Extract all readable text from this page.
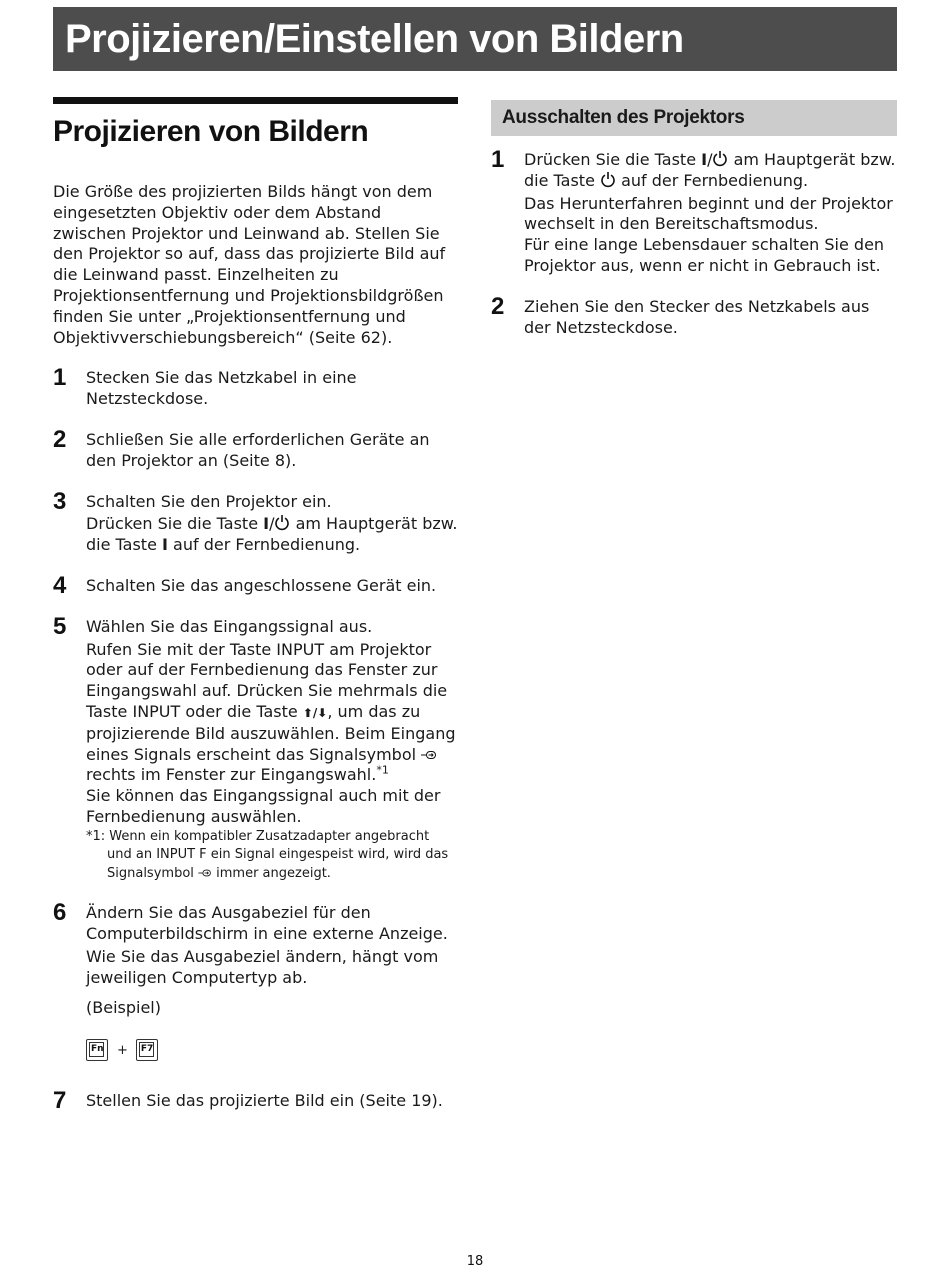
Projizieren/Einstellen von Bildern
Projizieren von Bildern
Die Größe des projizierten Bilds hängt von dem eingesetzten Objektiv oder dem Abstand zwischen Projektor und Leinwand ab. Stellen Sie den Projektor so auf, dass das projizierte Bild auf die Leinwand passt. Einzelheiten zu Projektionsentfernung und Projektionsbildgrößen finden Sie unter „Projektionsentfernung und Objektivverschiebungsbereich“ (Seite 62).
1 Stecken Sie das Netzkabel in eine Netzsteckdose.
2 Schließen Sie alle erforderlichen Geräte an den Projektor an (Seite 8).
3 Schalten Sie den Projektor ein.
Drücken Sie die Taste I/ am Hauptgerät bzw. die Taste I auf der Fernbedienung.
4 Schalten Sie das angeschlossene Gerät ein.
5 Wählen Sie das Eingangssignal aus.
Rufen Sie mit der Taste INPUT am Projektor oder auf der Fernbedienung das Fenster zur Eingangswahl auf. Drücken Sie mehrmals die Taste INPUT oder die Taste ⬆/⬇, um das zu projizierende Bild auszuwählen. Beim Eingang eines Signals erscheint das Signalsymbol  rechts im Fenster zur Eingangswahl.$^{*1}$
Sie können das Eingangssignal auch mit der Fernbedienung auswählen.
*1: Wenn ein kompatibler Zusatzadapter angebracht und an INPUT F ein Signal eingespeist wird, wird das Signalsymbol  immer angezeigt.
6 Ändern Sie das Ausgabeziel für den Computerbildschirm in eine externe Anzeige.
Wie Sie das Ausgabeziel ändern, hängt vom jeweiligen Computertyp ab.
(Beispiel)
Fn + F7
7 Stellen Sie das projizierte Bild ein (Seite 19).
Ausschalten des Projektors
1 Drücken Sie die Taste I/ am Hauptgerät bzw. die Taste  auf der Fernbedienung.
Das Herunterfahren beginnt und der Projektor wechselt in den Bereitschaftsmodus.
Für eine lange Lebensdauer schalten Sie den Projektor aus, wenn er nicht in Gebrauch ist.
2 Ziehen Sie den Stecker des Netzkabels aus der Netzsteckdose.
18
